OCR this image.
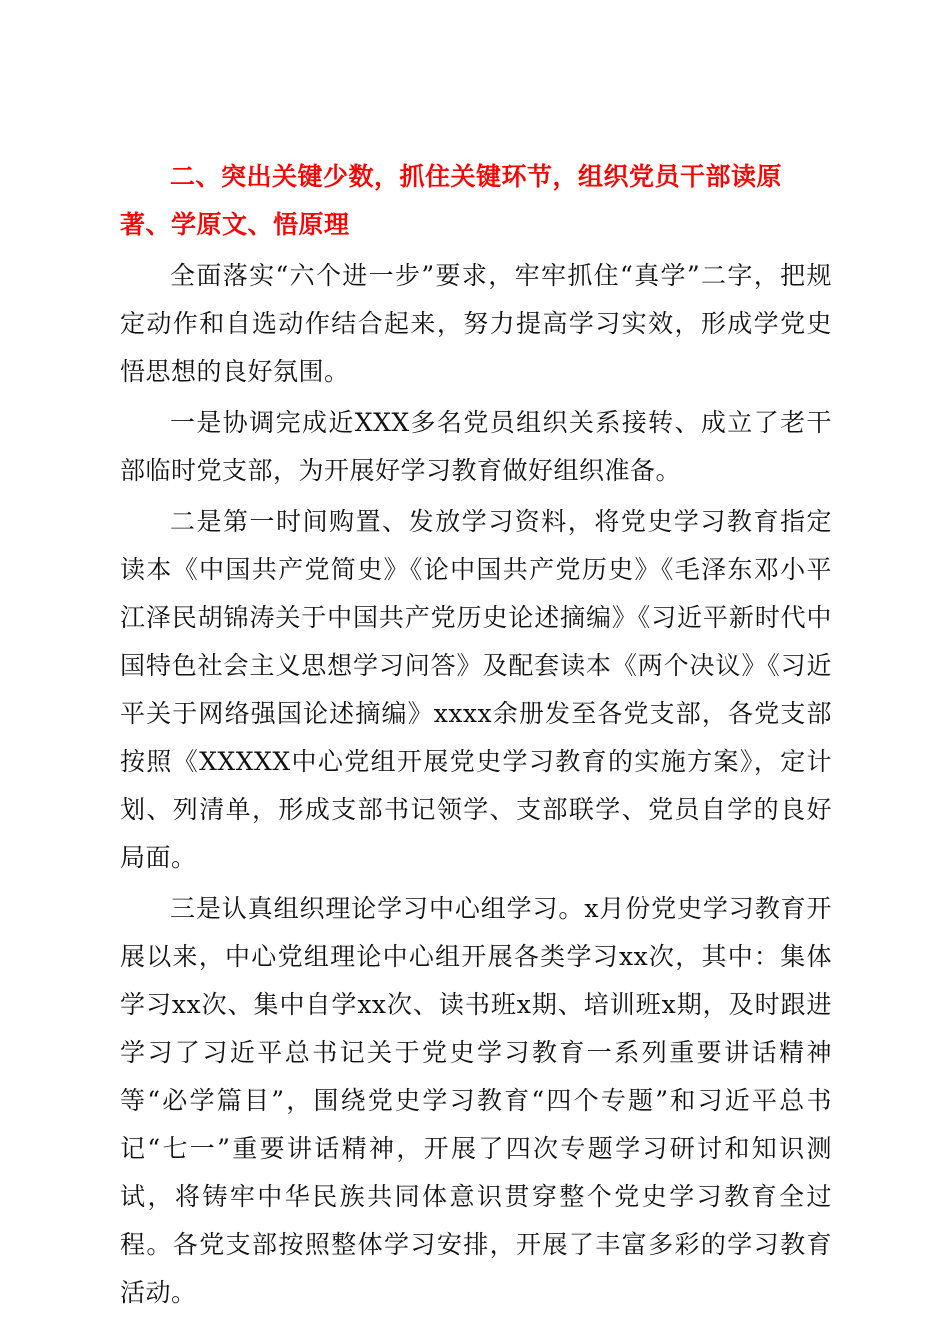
二、突出关键少数，抓住关键环节，组织党员干部读原著、学原文、悟原理

全面落实“六个进一步”要求，牢牢抓住“真学”二字，把规定动作和自选动作结合起来，努力提高学习实效，形成学党史悟思想的良好氛围。

一是协调完成近XXX多名党员组织关系接转、成立了老干部临时党支部，为开展好学习教育做好组织准备。

二是第一时间购置、发放学习资料，将党史学习教育指定读本《中国共产党简史》《论中国共产党历史》《毛泽东邓小平江泽民胡锦涛关于中国共产党历史论述摘编》《习近平新时代中国特色社会主义思想学习问答》及配套读本《两个决议》《习近平关于网络强国论述摘编》xxxx余册发至各党支部，各党支部按照《XXXXX中心党组开展党史学习教育的实施方案》，定计划、列清单，形成支部书记领学、支部联学、党员自学的良好局面。

三是认真组织理论学习中心组学习。x月份党史学习教育开展以来，中心党组理论中心组开展各类学习xx次，其中：集体学习xx次、集中自学xx次、读书班x期、培训班x期，及时跟进学习了习近平总书记关于党史学习教育一系列重要讲话精神等“必学篇目”，围绕党史学习教育“四个专题”和习近平总书记“七一”重要讲话精神，开展了四次专题学习研讨和知识测试，将铸牢中华民族共同体意识贯穿整个党史学习教育全过程。各党支部按照整体学习安排，开展了丰富多彩的学习教育活动。
